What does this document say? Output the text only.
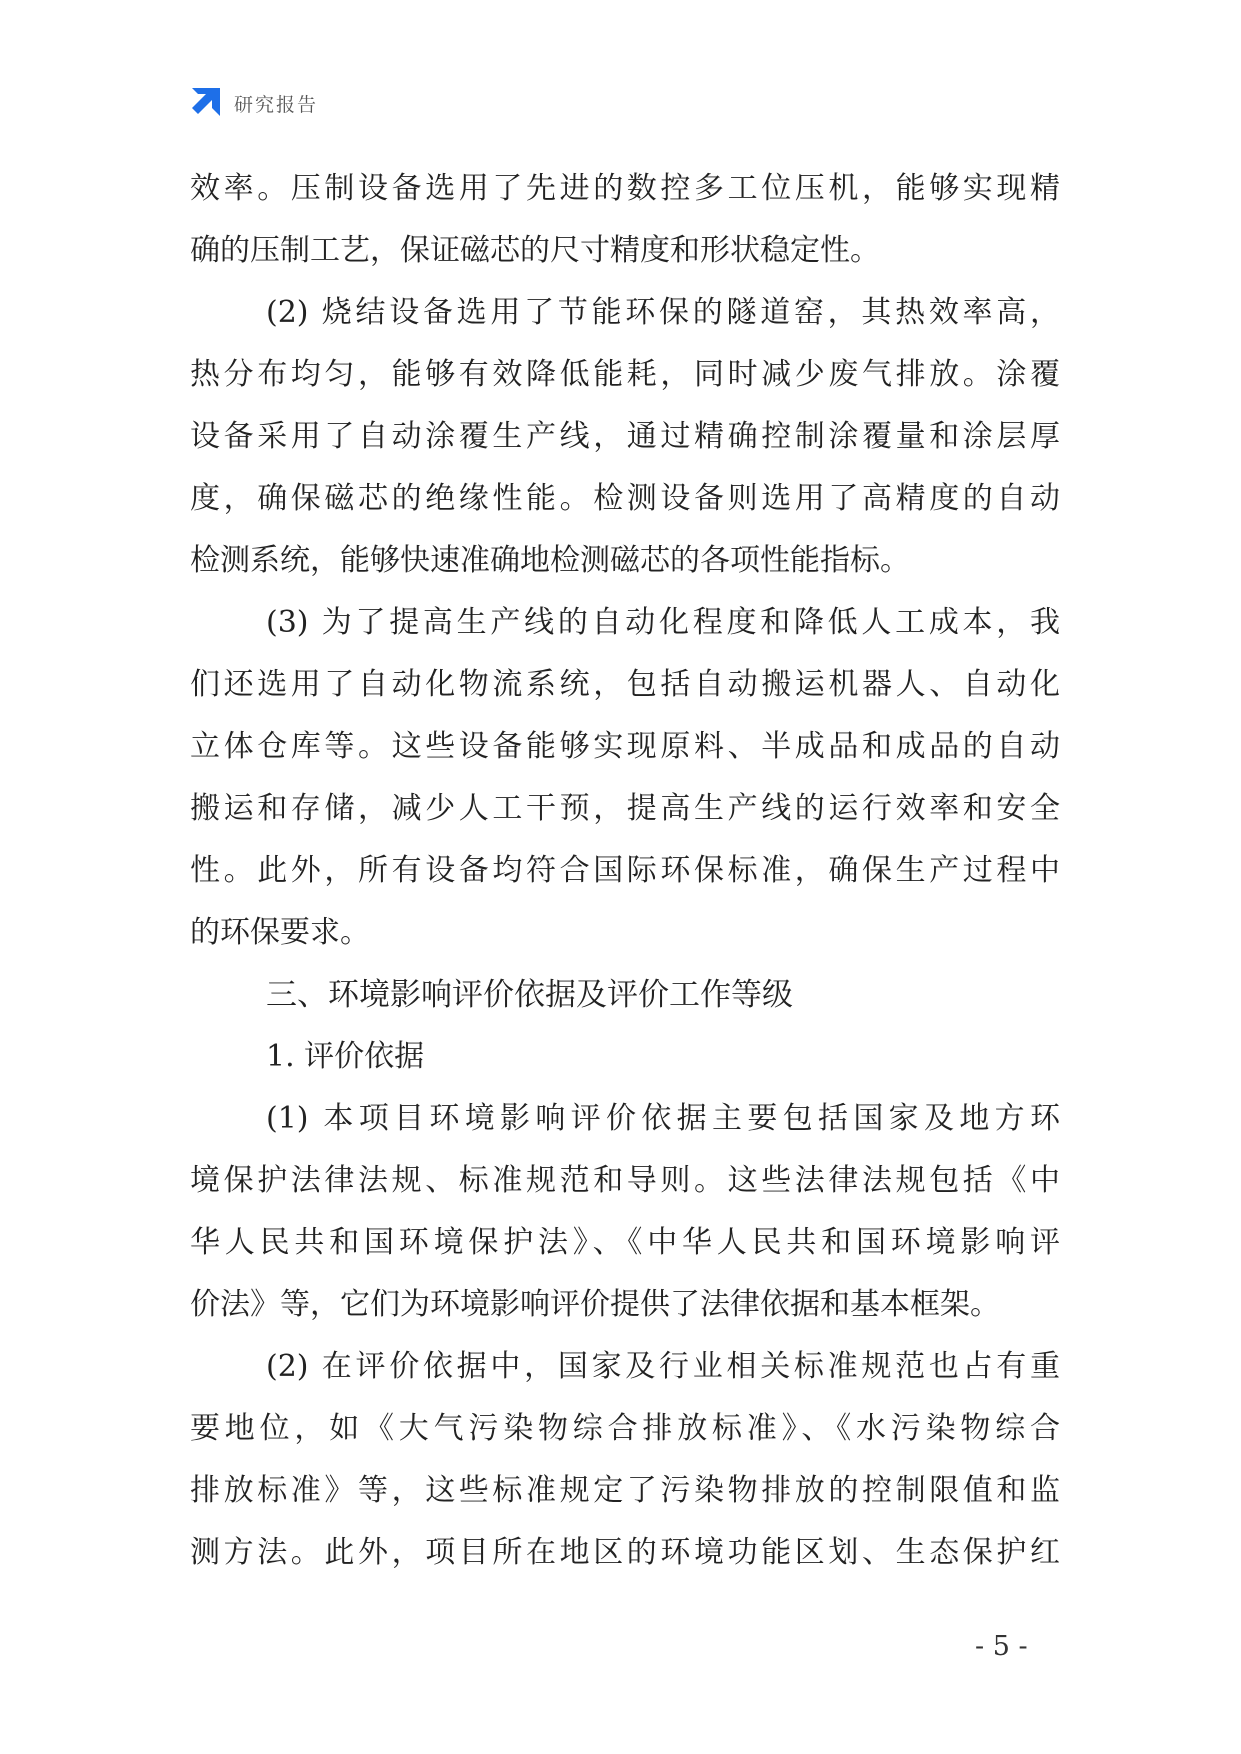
研究报告
效率。压制设备选用了先进的数控多工位压机，能够实现精
确的压制工艺，保证磁芯的尺寸精度和形状稳定性。
(2) 烧结设备选用了节能环保的隧道窑，其热效率高，
热分布均匀，能够有效降低能耗，同时减少废气排放。涂覆
设备采用了自动涂覆生产线，通过精确控制涂覆量和涂层厚
度，确保磁芯的绝缘性能。检测设备则选用了高精度的自动
检测系统，能够快速准确地检测磁芯的各项性能指标。
(3) 为了提高生产线的自动化程度和降低人工成本，我
们还选用了自动化物流系统，包括自动搬运机器人、自动化
立体仓库等。这些设备能够实现原料、半成品和成品的自动
搬运和存储，减少人工干预，提高生产线的运行效率和安全
性。此外，所有设备均符合国际环保标准，确保生产过程中
的环保要求。
三、环境影响评价依据及评价工作等级
1. 评价依据
(1) 本项目环境影响评价依据主要包括国家及地方环
境保护法律法规、标准规范和导则。这些法律法规包括《中
华人民共和国环境保护法》、《中华人民共和国环境影响评
价法》等，它们为环境影响评价提供了法律依据和基本框架。
(2) 在评价依据中，国家及行业相关标准规范也占有重
要地位，如《大气污染物综合排放标准》、《水污染物综合
排放标准》等，这些标准规定了污染物排放的控制限值和监
测方法。此外，项目所在地区的环境功能区划、生态保护红
- 5 -
